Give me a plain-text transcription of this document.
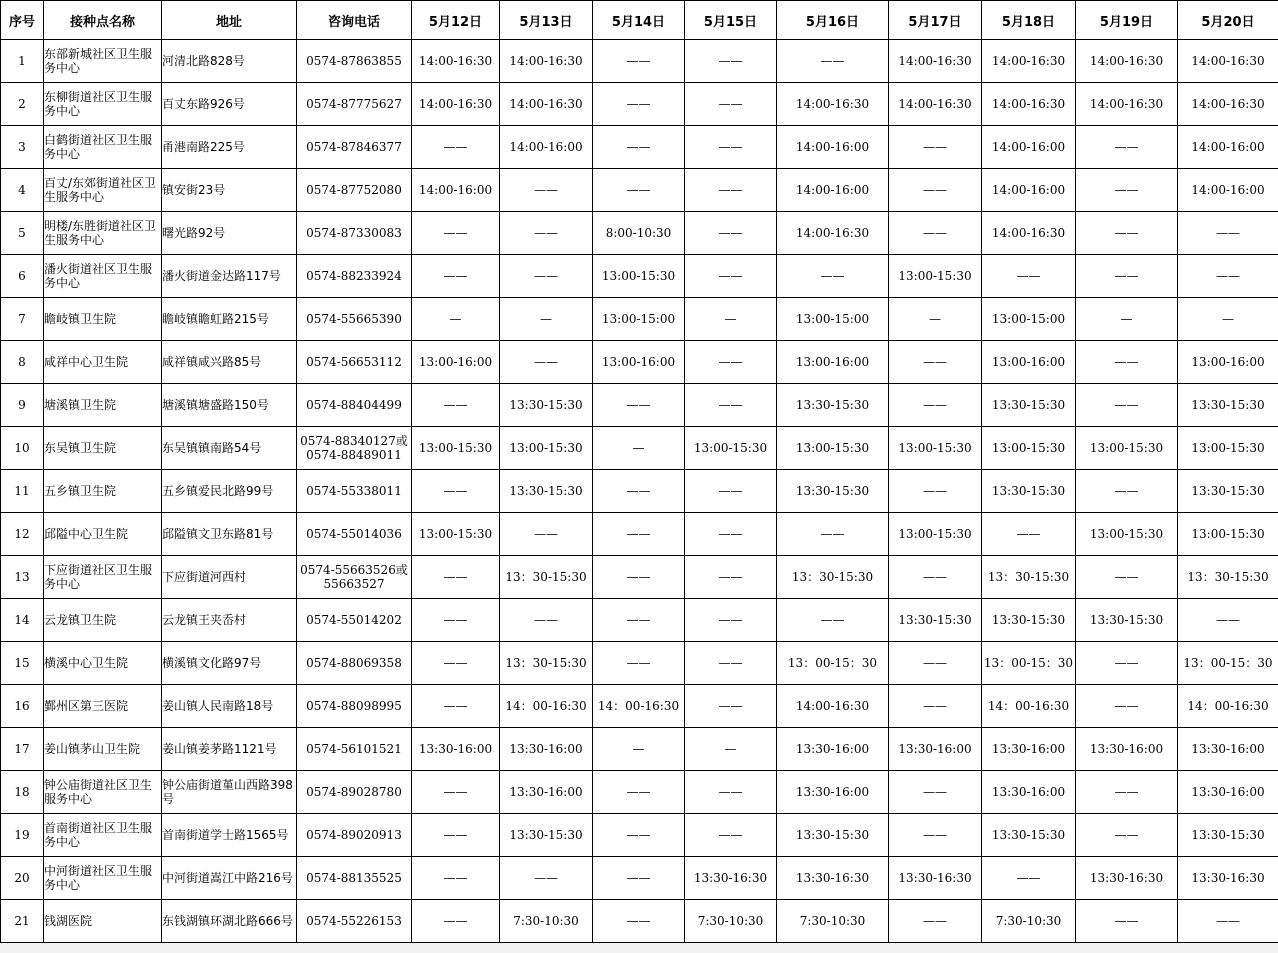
序号	接种点名称	地址	咨询电话	5月12日	5月13日	5月14日	5月15日	5月16日	5月17日	5月18日	5月19日	5月20日
1	东部新城社区卫生服务中心	河清北路828号	0574-87863855	14:00-16:30	14:00-16:30	——	——	——	14:00-16:30	14:00-16:30	14:00-16:30	14:00-16:30
2	东柳街道社区卫生服务中心	百丈东路926号	0574-87775627	14:00-16:30	14:00-16:30	——	——	14:00-16:30	14:00-16:30	14:00-16:30	14:00-16:30	14:00-16:30
3	白鹤街道社区卫生服务中心	甬港南路225号	0574-87846377	——	14:00-16:00	——	——	14:00-16:00	——	14:00-16:00	——	14:00-16:00
4	百丈/东郊街道社区卫生服务中心	镇安街23号	0574-87752080	14:00-16:00	——	——	——	14:00-16:00	——	14:00-16:00	——	14:00-16:00
5	明楼/东胜街道社区卫生服务中心	曙光路92号	0574-87330083	——	——	8:00-10:30	——	14:00-16:30	——	14:00-16:30	——	——
6	潘火街道社区卫生服务中心	潘火街道金达路117号	0574-88233924	——	——	13:00-15:30	——	——	13:00-15:30	——	——	——
7	瞻岐镇卫生院	瞻岐镇瞻虹路215号	0574-55665390	—	—	13:00-15:00	—	13:00-15:00	—	13:00-15:00	—	—
8	咸祥中心卫生院	咸祥镇咸兴路85号	0574-56653112	13:00-16:00	——	13:00-16:00	——	13:00-16:00	——	13:00-16:00	——	13:00-16:00
9	塘溪镇卫生院	塘溪镇塘盛路150号	0574-88404499	——	13:30-15:30	——	——	13:30-15:30	——	13:30-15:30	——	13:30-15:30
10	东吴镇卫生院	东吴镇镇南路54号	0574-88340127或0574-88489011	13:00-15:30	13:00-15:30	—	13:00-15:30	13:00-15:30	13:00-15:30	13:00-15:30	13:00-15:30	13:00-15:30
11	五乡镇卫生院	五乡镇爱民北路99号	0574-55338011	——	13:30-15:30	——	——	13:30-15:30	——	13:30-15:30	——	13:30-15:30
12	邱隘中心卫生院	邱隘镇文卫东路81号	0574-55014036	13:00-15:30	——	——	——	——	13:00-15:30	——	13:00-15:30	13:00-15:30
13	下应街道社区卫生服务中心	下应街道河西村	0574-55663526或55663527	——	13：30-15:30	——	——	13：30-15:30	——	13：30-15:30	——	13：30-15:30
14	云龙镇卫生院	云龙镇王夹岙村	0574-55014202	——	——	——	——	——	13:30-15:30	13:30-15:30	13:30-15:30	——
15	横溪中心卫生院	横溪镇文化路97号	0574-88069358	——	13：30-15:30	——	——	13：00-15：30	——	13：00-15：30	——	13：00-15：30
16	鄞州区第三医院	姜山镇人民南路18号	0574-88098995	——	14：00-16:30	14：00-16:30	——	14:00-16:30	——	14：00-16:30	——	14：00-16:30
17	姜山镇茅山卫生院	姜山镇姜茅路1121号	0574-56101521	13:30-16:00	13:30-16:00	—	—	13:30-16:00	13:30-16:00	13:30-16:00	13:30-16:00	13:30-16:00
18	钟公庙街道社区卫生服务中心	钟公庙街道堇山西路398号	0574-89028780	——	13:30-16:00	——	——	13:30-16:00	——	13:30-16:00	——	13:30-16:00
19	首南街道社区卫生服务中心	首南街道学士路1565号	0574-89020913	——	13:30-15:30	——	——	13:30-15:30	——	13:30-15:30	——	13:30-15:30
20	中河街道社区卫生服务中心	中河街道嵩江中路216号	0574-88135525	——	——	——	13:30-16:30	13:30-16:30	13:30-16:30	——	13:30-16:30	13:30-16:30
21	钱湖医院	东钱湖镇环湖北路666号	0574-55226153	——	7:30-10:30	——	7:30-10:30	7:30-10:30	——	7:30-10:30	——	——
